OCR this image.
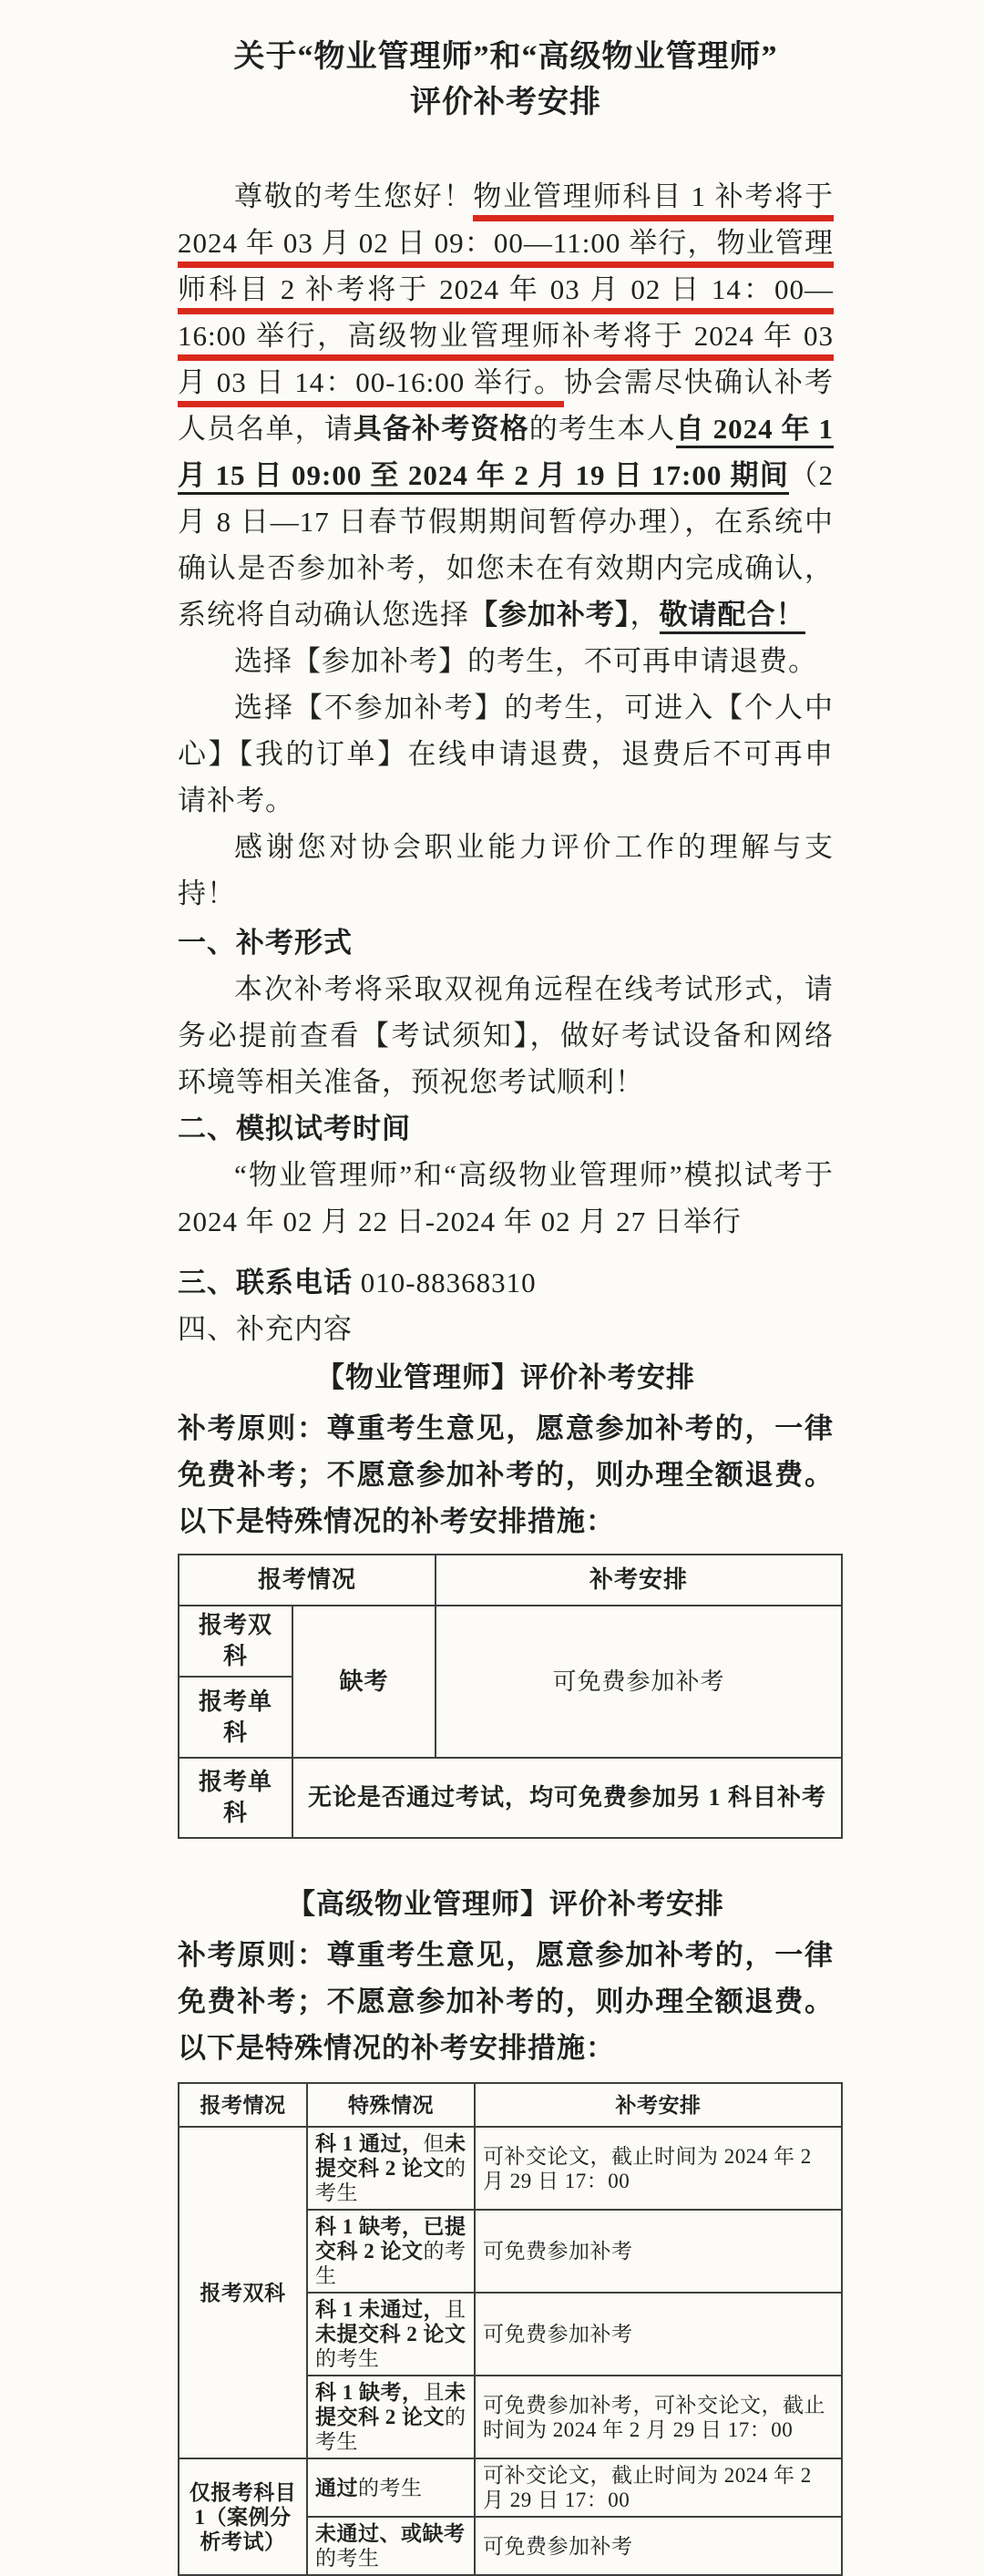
关于“物业管理师”和“高级物业管理师”
评价补考安排

尊敬的考生您好！物业管理师科目 1 补考将于 2024 年 03 月 02 日 09：00—11:00 举行，物业管理师科目 2 补考将于 2024 年 03 月 02 日 14：00—16:00 举行，高级物业管理师补考将于 2024 年 03 月 03 日 14：00-16:00 举行。协会需尽快确认补考人员名单，请具备补考资格的考生本人自 2024 年 1 月 15 日 09:00 至 2024 年 2 月 19 日 17:00 期间（2 月 8 日—17 日春节假期期间暂停办理），在系统中确认是否参加补考，如您未在有效期内完成确认，系统将自动确认您选择【参加补考】，敬请配合！

选择【参加补考】的考生，不可再申请退费。

选择【不参加补考】的考生，可进入【个人中心】【我的订单】在线申请退费，退费后不可再申请补考。

感谢您对协会职业能力评价工作的理解与支持！

一、补考形式

本次补考将采取双视角远程在线考试形式，请务必提前查看【考试须知】，做好考试设备和网络环境等相关准备，预祝您考试顺利！

二、模拟试考时间

“物业管理师”和“高级物业管理师”模拟试考于 2024 年 02 月 22 日-2024 年 02 月 27 日举行

三、联系电话 010-88368310

四、补充内容

【物业管理师】评价补考安排

补考原则：尊重考生意见，愿意参加补考的，一律免费补考；不愿意参加补考的，则办理全额退费。以下是特殊情况的补考安排措施：

报考情况		补考安排
报考双科	缺考	可免费参加补考
报考单科		
报考单科	无论是否通过考试，均可免费参加另 1 科目补考	

【高级物业管理师】评价补考安排

补考原则：尊重考生意见，愿意参加补考的，一律免费补考；不愿意参加补考的，则办理全额退费。以下是特殊情况的补考安排措施：

报考情况	特殊情况	补考安排
报考双科	科 1 通过，但未提交科 2 论文的考生	可补交论文，截止时间为 2024 年 2 月 29 日 17：00
	科 1 缺考，已提交科 2 论文的考生	可免费参加补考
	科 1 未通过，且未提交科 2 论文的考生	可免费参加补考
	科 1 缺考，且未提交科 2 论文的考生	可免费参加补考，可补交论文，截止时间为 2024 年 2 月 29 日 17：00
仅报考科目 1（案例分析考试）	通过的考生	可补交论文，截止时间为 2024 年 2 月 29 日 17：00
	未通过、或缺考的考生	可免费参加补考
